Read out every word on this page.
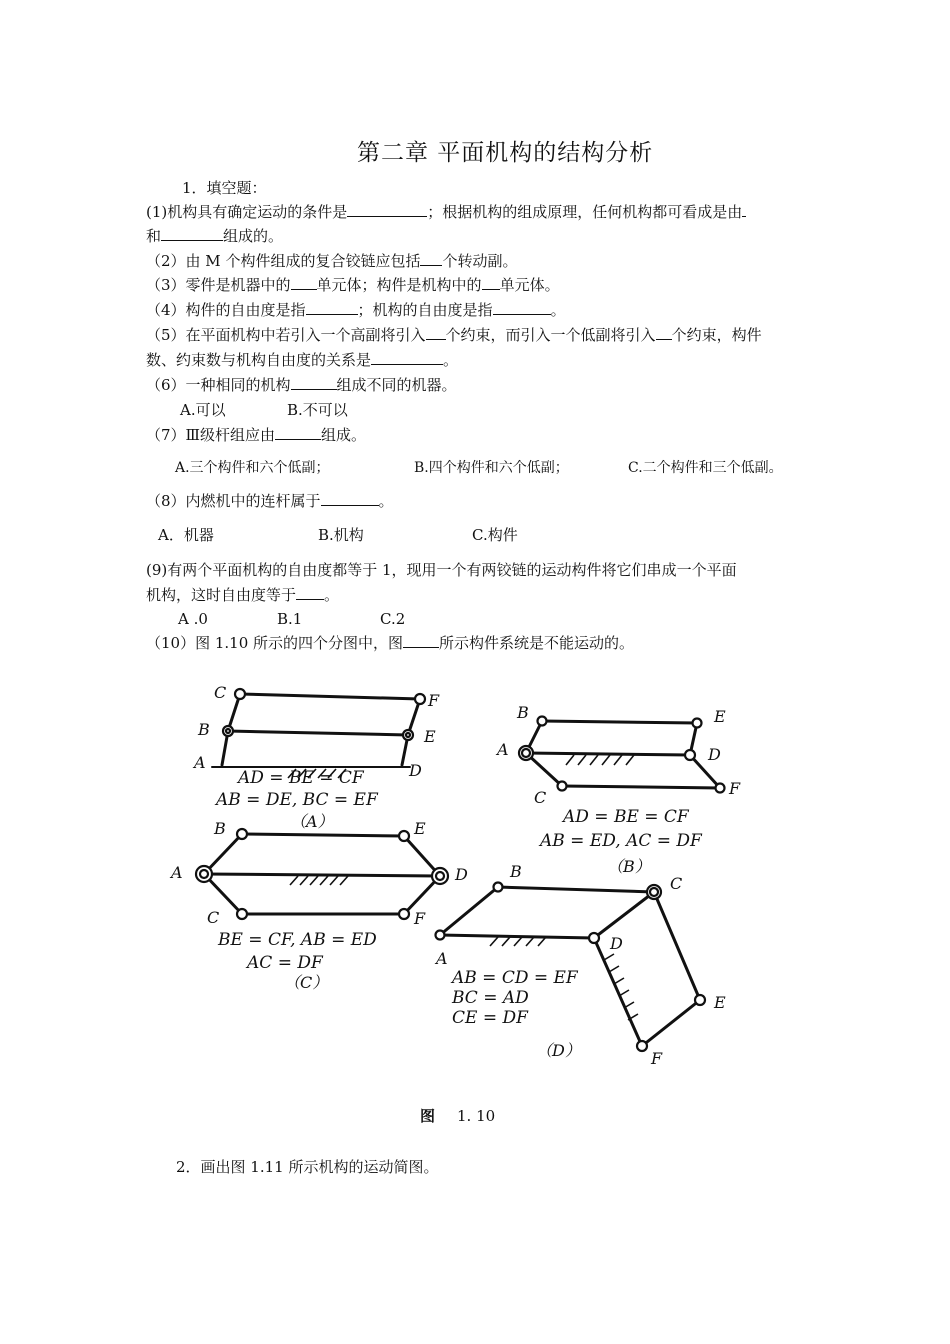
第二章 平面机构的结构分析
1．填空题：
(1)机构具有确定运动的条件是	；根据机构的组成原理，任何机构都可看成是由
和	组成的。
（2）由 M 个构件组成的复合铰链应包括 个转动副。
（3）零件是机器中的 单元体；构件是机构中的 单元体。
（4）构件的自由度是指	；机构的自由度是指	。
（5）在平面机构中若引入一个高副将引入 个约束，而引入一个低副将引入 个约束，构件
数、约束数与机构自由度的关系是	。
（6）一种相同的机构	组成不同的机器。
A.可以	B.不可以
（7）Ⅲ级杆组应由	组成。
A.三个构件和六个低副；	B.四个构件和六个低副；	C.二个构件和三个低副。
（8）内燃机中的连杆属于	。
A．机器	B.机构	C.构件
(9)有两个平面机构的自由度都等于 1，现用一个有两铰链的运动构件将它们串成一个平面
机构，这时自由度等于 。
A .0	B.1	C.2
（10）图 1.10 所示的四个分图中，图 所示构件系统是不能运动的。
C	F
B	E
A	D
AD = BE = CF
AB = DE, BC = EF
（A）
B	E
A	D
C	F
AD = BE = CF
AB = ED, AC = DF
（B）
B	E
A	D
C	F
BE = CF, AB = ED
AC = DF
（C）
B
C
A
D
E
F
AB = CD = EF
BC = AD
CE = DF
（D）
图 1. 10
2．画出图 1.11 所示机构的运动简图。
